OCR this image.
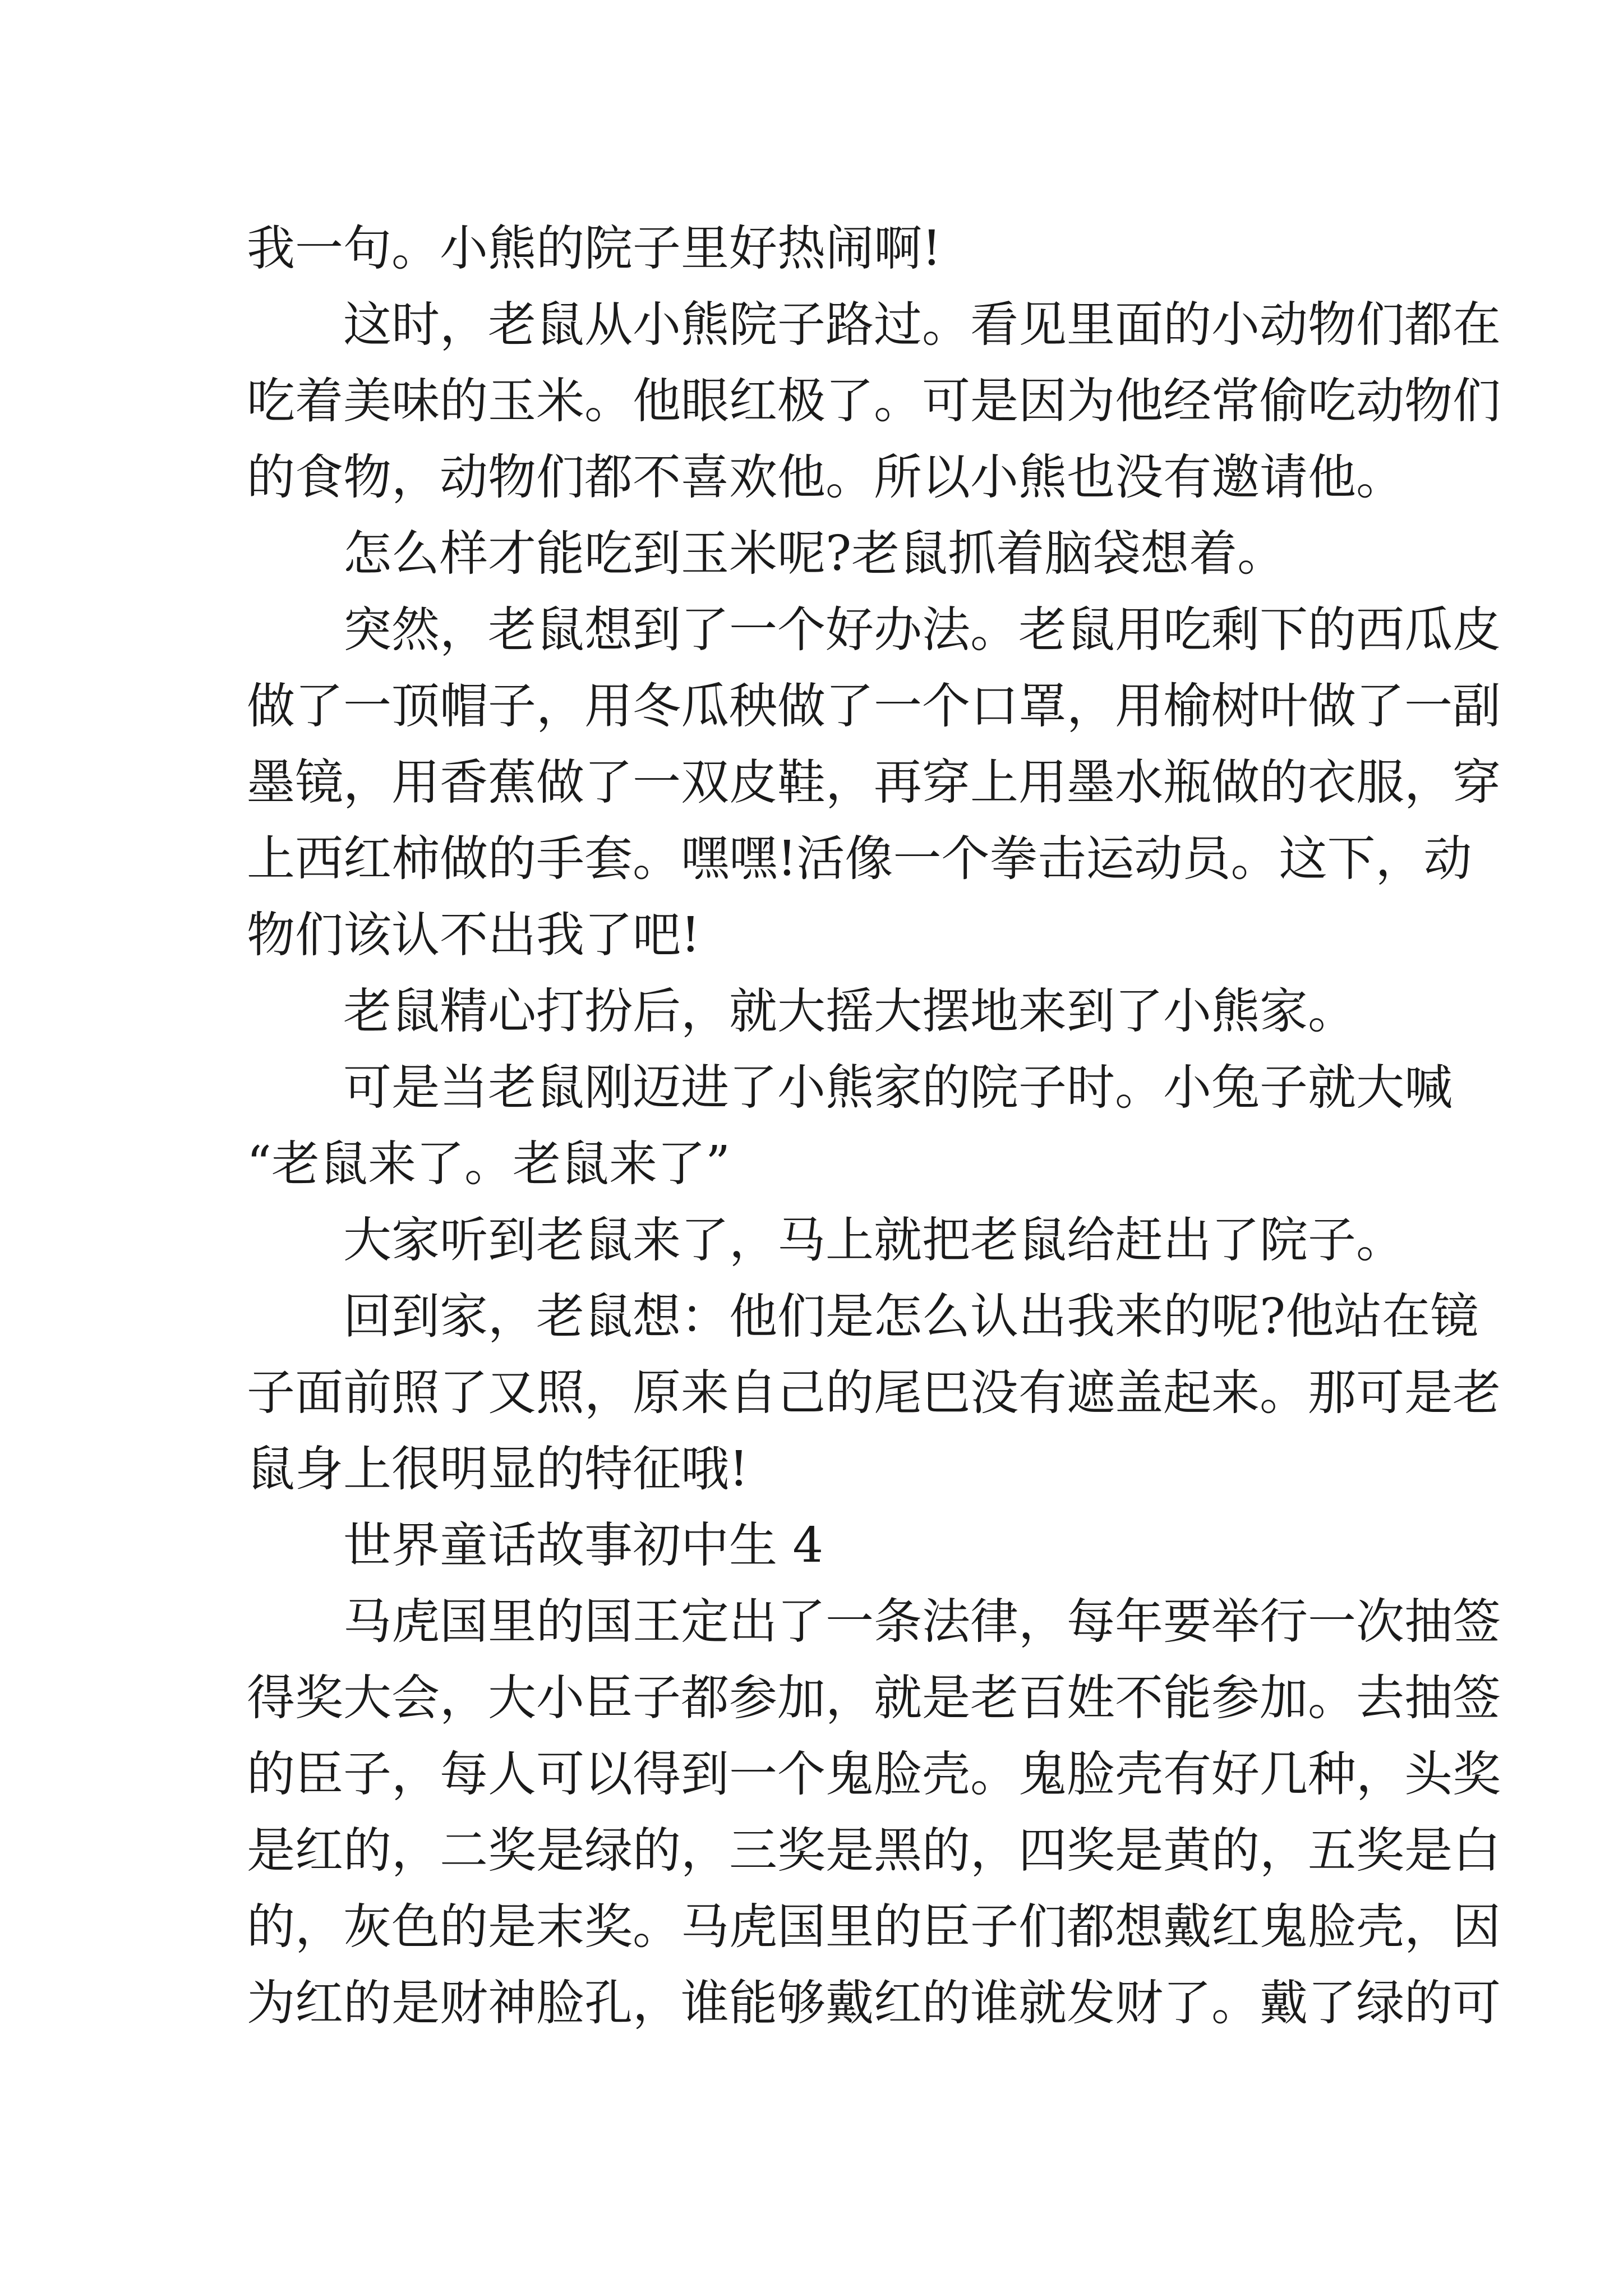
我一句。小熊的院子里好热闹啊!
这时，老鼠从小熊院子路过。看见里面的小动物们都在
吃着美味的玉米。他眼红极了。可是因为他经常偷吃动物们
的食物，动物们都不喜欢他。所以小熊也没有邀请他。
怎么样才能吃到玉米呢?老鼠抓着脑袋想着。
突然，老鼠想到了一个好办法。老鼠用吃剩下的西瓜皮
做了一顶帽子，用冬瓜秧做了一个口罩，用榆树叶做了一副
墨镜，用香蕉做了一双皮鞋，再穿上用墨水瓶做的衣服，穿
上西红柿做的手套。嘿嘿!活像一个拳击运动员。这下，动
物们该认不出我了吧!
老鼠精心打扮后，就大摇大摆地来到了小熊家。
可是当老鼠刚迈进了小熊家的院子时。小兔子就大喊
“老鼠来了。老鼠来了”
大家听到老鼠来了，马上就把老鼠给赶出了院子。
回到家，老鼠想：他们是怎么认出我来的呢?他站在镜
子面前照了又照，原来自己的尾巴没有遮盖起来。那可是老
鼠身上很明显的特征哦!
世界童话故事初中生 4
马虎国里的国王定出了一条法律，每年要举行一次抽签
得奖大会，大小臣子都参加，就是老百姓不能参加。去抽签
的臣子，每人可以得到一个鬼脸壳。鬼脸壳有好几种，头奖
是红的，二奖是绿的，三奖是黑的，四奖是黄的，五奖是白
的，灰色的是末奖。马虎国里的臣子们都想戴红鬼脸壳，因
为红的是财神脸孔，谁能够戴红的谁就发财了。戴了绿的可
